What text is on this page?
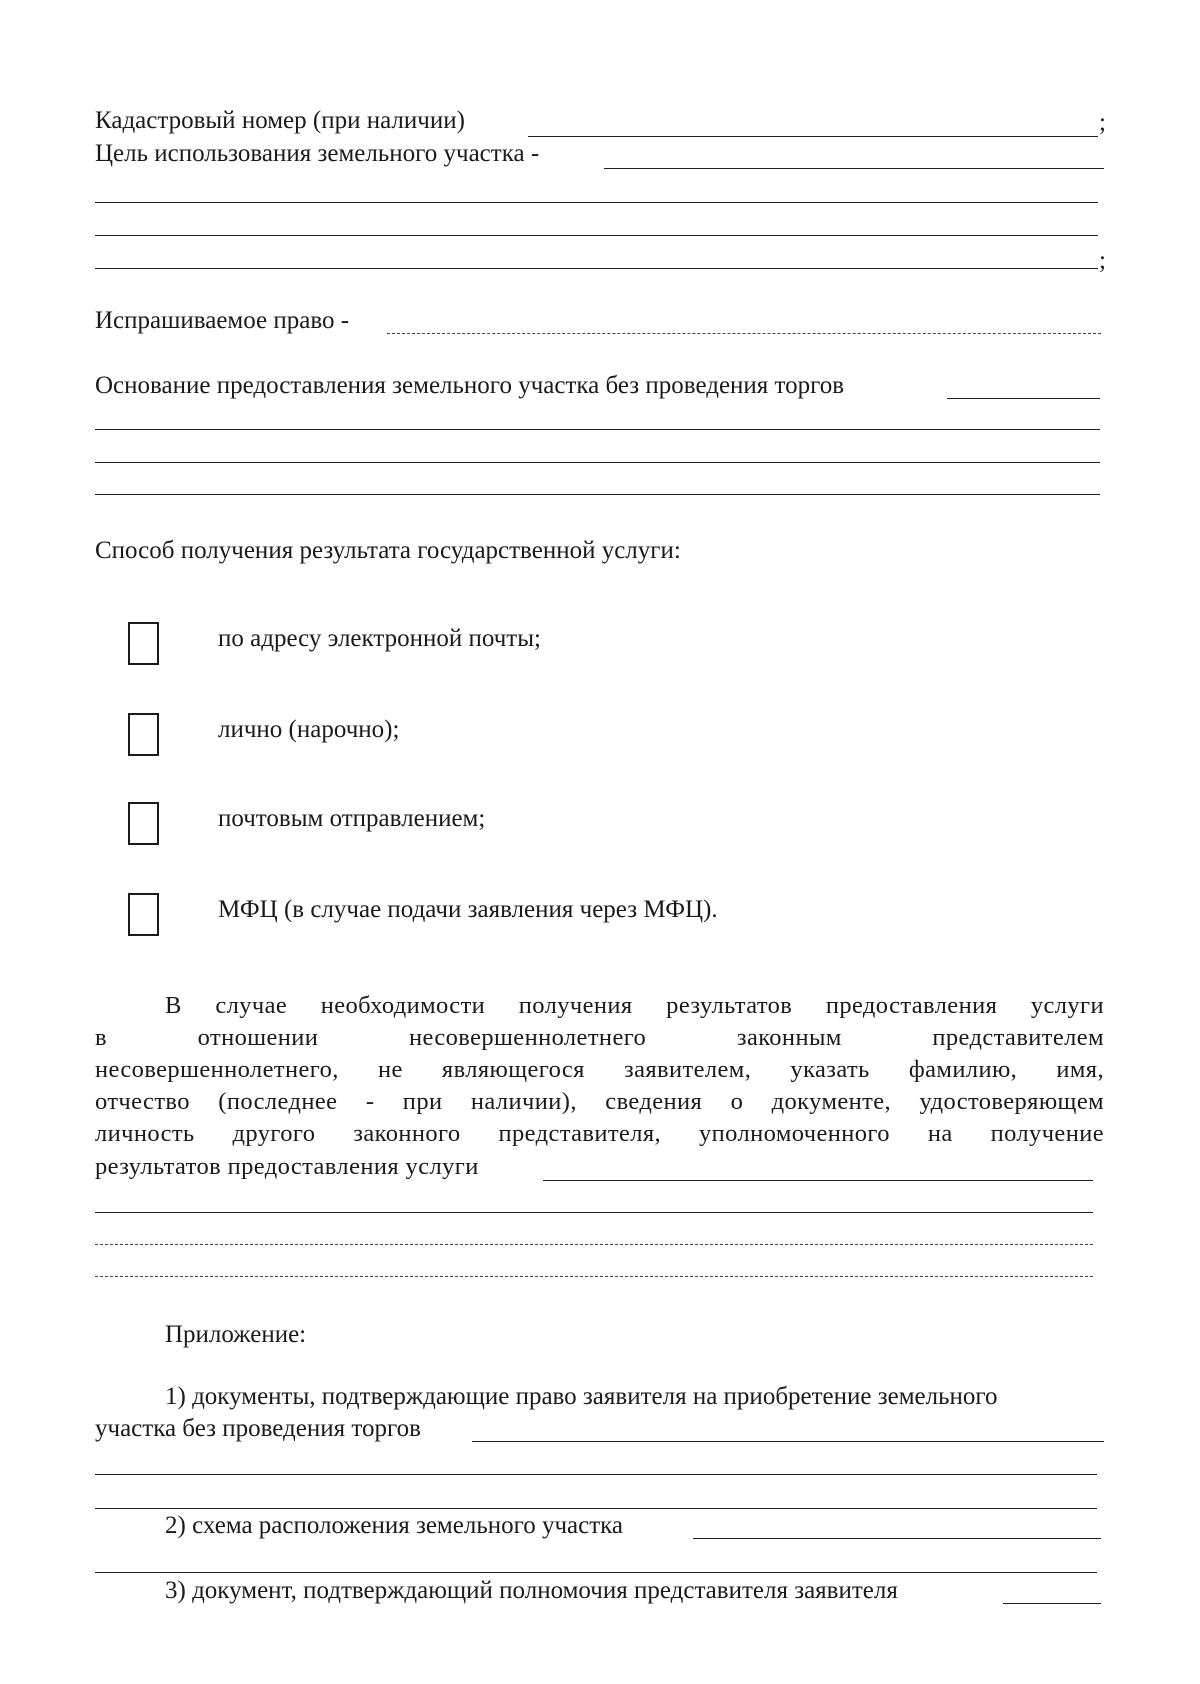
Кадастровый номер (при наличии)	;
Цель использования земельного участка -
;
Испрашиваемое право -
Основание предоставления земельного участка без проведения торгов
Способ получения результата государственной услуги:
по адресу электронной почты;
лично (нарочно);
почтовым отправлением;
МФЦ (в случае подачи заявления через МФЦ).
В случае необходимости получения результатов предоставления услуги
в отношении несовершеннолетнего законным представителем
несовершеннолетнего, не являющегося заявителем, указать фамилию, имя,
отчество (последнее - при наличии), сведения о документе, удостоверяющем
личность другого законного представителя, уполномоченного на получение
результатов предоставления услуги
Приложение:
1) документы, подтверждающие право заявителя на приобретение земельного
участка без проведения торгов
2) схема расположения земельного участка
3) документ, подтверждающий полномочия представителя заявителя
